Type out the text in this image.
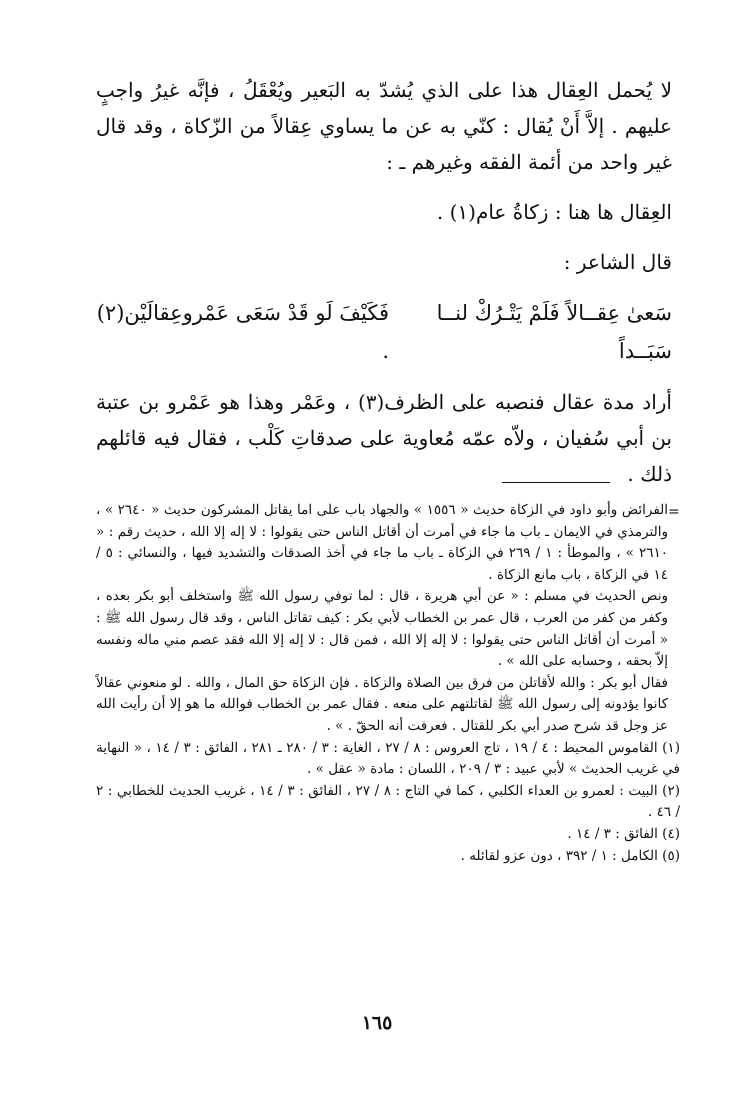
لا يُحمل العِقال هذا على الذي يُشدّ به البَعير ويُعْقَلُ ، فإنَّه غيرُ واجبٍ عليهم . إلاَّ أَنْ يُقال : كنّي به عن ما يساوي عِقالاً من الزّكاة ، وقد قال غير واحد من أئمة الفقه وغيرهم ـ :

العِقال ها هنا : زكاةُ عام(١) .

قال الشاعر :

سَعىٰ عِقــالاً فَلَمْ يَتْـرُكْ لنــا سَبَــداً
فَكَيْفَ لَو قَدْ سَعَى عَمْروعِقالَيْن(٢) .

أراد مدة عقال فنصبه على الظرف(٣) ، وعَمْر وهذا هو عَمْرو بن عتبة بن أبي سُفيان ، ولاّه عمّه مُعاوية على صدقاتِ كَلْب ، فقال فيه قائلهم ذلك .

=

الفرائض وأبو داود في الزكاة حديث « ١٥٥٦ » والجهاد باب على اما يقاتل المشركون حديث « ٢٦٤٠ » ، والترمذي في الايمان ـ باب ما جاء في أمرت أن أقاتل الناس حتى يقولوا : لا إله إلا الله ، حديث رقم : « ٢٦١٠ » ، والموطأ : ١ / ٢٦٩ في الزكاة ـ باب ما جاء في أخذ الصدقات والتشديد فيها ، والنسائي : ٥ / ١٤ في الزكاة ، باب مانع الزكاة .

ونص الحديث في مسلم : « عن أبي هريرة ، قال : لما توفي رسول الله ﷺ واستخلف أبو بكر بعده ، وكفر من كفر من العرب ، قال عمر بن الخطاب لأبي بكر : كيف تقاتل الناس ، وقد قال رسول الله ﷺ : « أمرت أن أقاتل الناس حتى يقولوا : لا إله إلا الله ، فمن قال : لا إله إلا الله فقد عصم مني ماله ونفسه إلاّ بحقه ، وحسابه على الله » .

فقال أبو بكر : والله لأقاتلن من فرق بين الصلاة والزكاة . فإن الزكاة حق المال ، والله . لو منعوني عقالاً كانوا يؤدونه إلى رسول الله ﷺ لقاتلتهم على منعه . فقال عمر بن الخطاب فوالله ما هو إلا أن رأيت الله عز وجل قد شرح صدر أبي بكر للقتال . فعرفت أنه الحقّ . » .

(١) القاموس المحيط : ٤ / ١٩ ، تاج العروس : ٨ / ٢٧ ، الغاية : ٣ / ٢٨٠ ـ ٢٨١ ، الفائق : ٣ / ١٤ ، « النهاية في غريب الحديث » لأبي عبيد : ٣ / ٢٠٩ ، اللسان : مادة « عقل » .

(٢) البيت : لعمرو بن العداء الكلبي ، كما في التاج : ٨ / ٢٧ ، الفائق : ٣ / ١٤ ، غريب الحديث للخطابي : ٢ / ٤٦ .

(٤) الفائق : ٣ / ١٤ .

(٥) الكامل : ١ / ٣٩٢ ، دون عزو لقائله .

١٦٥
